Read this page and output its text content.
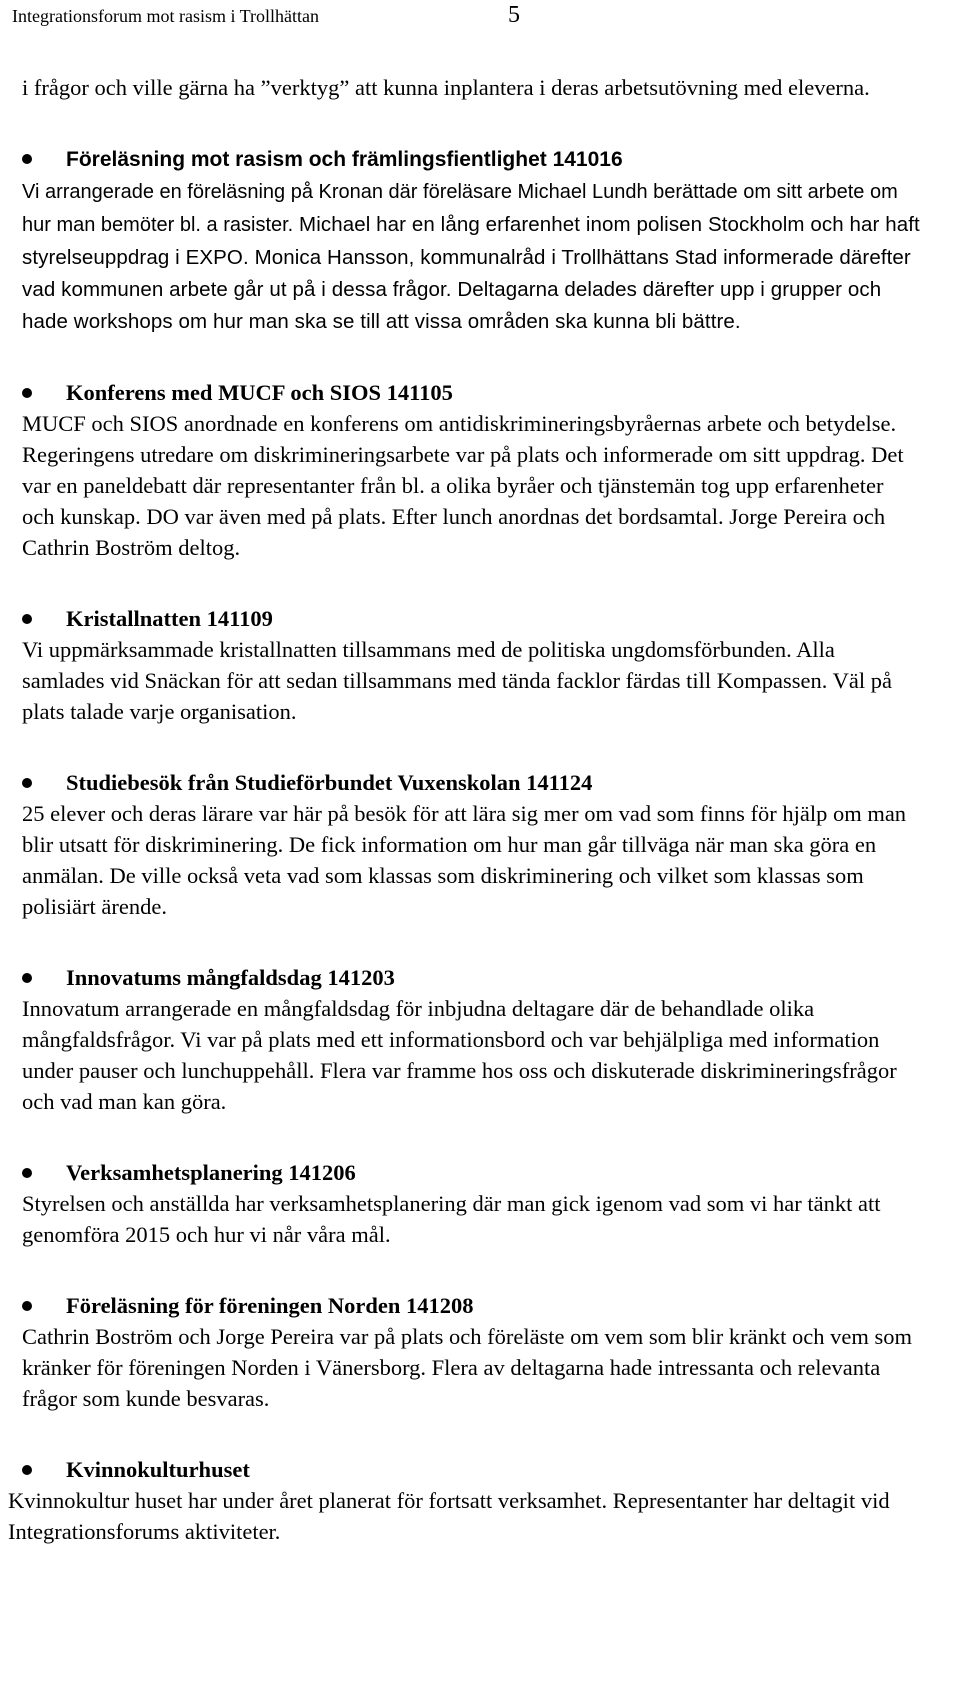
Integrationsforum mot rasism i Trollhättan	5

i frågor och ville gärna ha ”verktyg” att kunna inplantera i deras arbetsutövning med eleverna.

Föreläsning mot rasism och främlingsfientlighet 141016
Vi arrangerade en föreläsning på Kronan där föreläsare Michael Lundh berättade om sitt arbete om hur man bemöter bl. a rasister. Michael har en lång erfarenhet inom polisen Stockholm och har haft styrelseuppdrag i EXPO. Monica Hansson, kommunalråd i Trollhättans Stad informerade därefter vad kommunen arbete går ut på i dessa frågor. Deltagarna delades därefter upp i grupper och hade workshops om hur man ska se till att vissa områden ska kunna bli bättre.
Konferens med MUCF och SIOS 141105
MUCF och SIOS anordnade en konferens om antidiskrimineringsbyråernas arbete och betydelse. Regeringens utredare om diskrimineringsarbete var på plats och informerade om sitt uppdrag. Det var en paneldebatt där representanter från bl. a olika byråer och tjänstemän tog upp erfarenheter och kunskap. DO var även med på plats. Efter lunch anordnas det bordsamtal. Jorge Pereira och Cathrin Boström deltog.
Kristallnatten 141109
Vi uppmärksammade kristallnatten tillsammans med de politiska ungdomsförbunden. Alla samlades vid Snäckan för att sedan tillsammans med tända facklor färdas till Kompassen. Väl på plats talade varje organisation.
Studiebesök från Studieförbundet Vuxenskolan 141124
25 elever och deras lärare var här på besök för att lära sig mer om vad som finns för hjälp om man blir utsatt för diskriminering. De fick information om hur man går tillväga när man ska göra en anmälan. De ville också veta vad som klassas som diskriminering och vilket som klassas som polisiärt ärende.
Innovatums mångfaldsdag 141203
Innovatum arrangerade en mångfaldsdag för inbjudna deltagare där de behandlade olika mångfaldsfrågor. Vi var på plats med ett informationsbord och var behjälpliga med information under pauser och lunchuppehåll. Flera var framme hos oss och diskuterade diskrimineringsfrågor och vad man kan göra.
Verksamhetsplanering 141206
Styrelsen och anställda har verksamhetsplanering där man gick igenom vad som vi har tänkt att genomföra 2015 och hur vi når våra mål.
Föreläsning för föreningen Norden 141208
Cathrin Boström och Jorge Pereira var på plats och föreläste om vem som blir kränkt och vem som kränker för föreningen Norden i Vänersborg. Flera av deltagarna hade intressanta och relevanta frågor som kunde besvaras.
Kvinnokulturhuset
Kvinnokultur huset har under året planerat för fortsatt verksamhet. Representanter har deltagit vid Integrationsforums aktiviteter.
